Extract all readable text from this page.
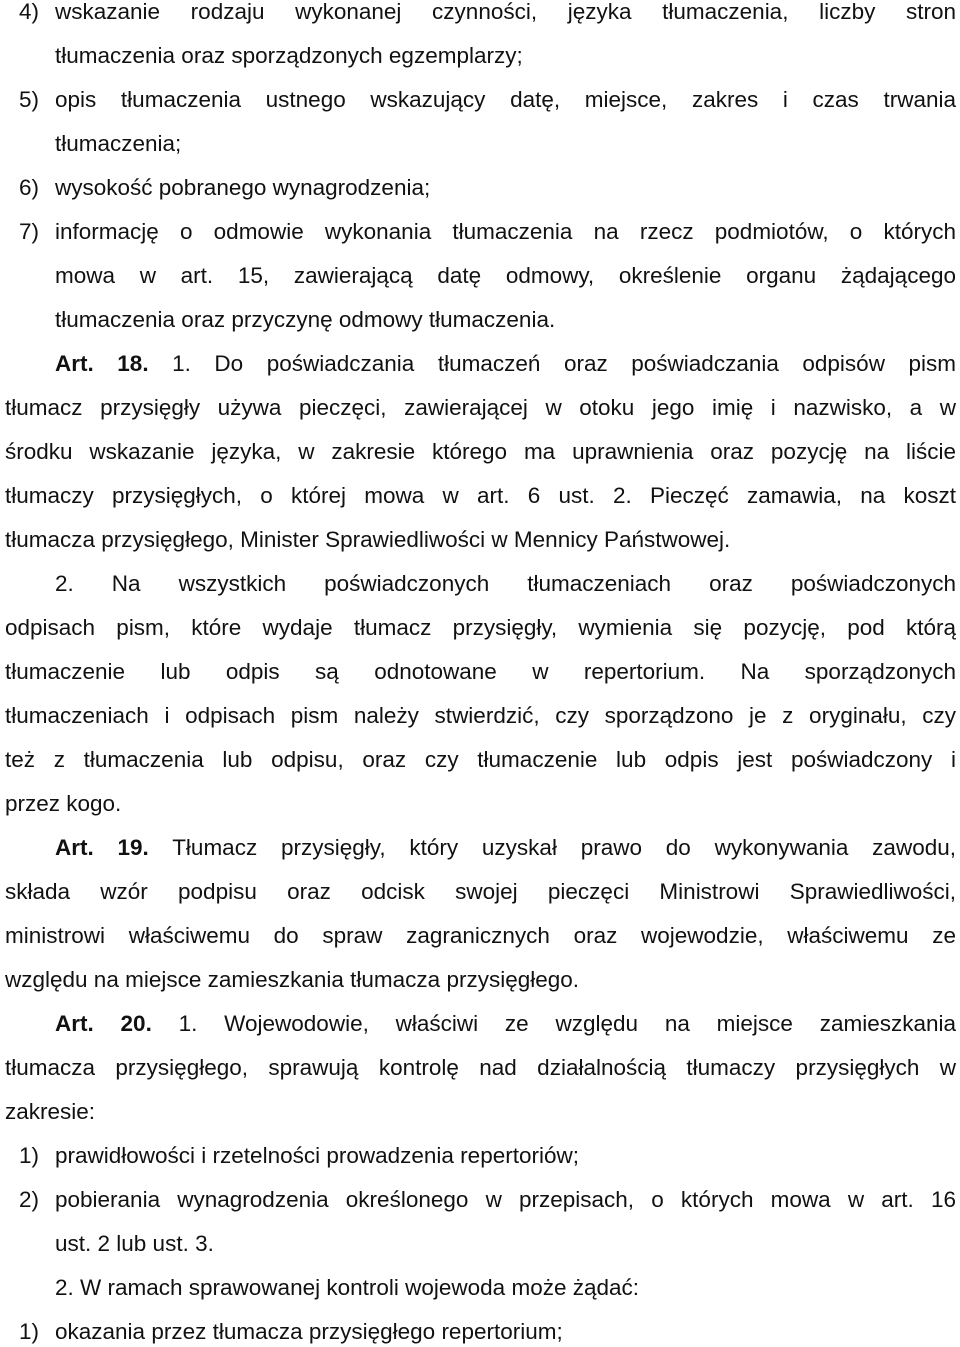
4) wskazanie rodzaju wykonanej czynności, języka tłumaczenia, liczby stron
tłumaczenia oraz sporządzonych egzemplarzy;
5) opis tłumaczenia ustnego wskazujący datę, miejsce, zakres i czas trwania
tłumaczenia;
6) wysokość pobranego wynagrodzenia;
7) informację o odmowie wykonania tłumaczenia na rzecz podmiotów, o których
mowa w art. 15, zawierającą datę odmowy, określenie organu żądającego
tłumaczenia oraz przyczynę odmowy tłumaczenia.
Art. 18. 1. Do poświadczania tłumaczeń oraz poświadczania odpisów pism
tłumacz przysięgły używa pieczęci, zawierającej w otoku jego imię i nazwisko, a w
środku wskazanie języka, w zakresie którego ma uprawnienia oraz pozycję na liście
tłumaczy przysięgłych, o której mowa w art. 6 ust. 2. Pieczęć zamawia, na koszt
tłumacza przysięgłego, Minister Sprawiedliwości w Mennicy Państwowej.
2. Na wszystkich poświadczonych tłumaczeniach oraz poświadczonych
odpisach pism, które wydaje tłumacz przysięgły, wymienia się pozycję, pod którą
tłumaczenie lub odpis są odnotowane w repertorium. Na sporządzonych
tłumaczeniach i odpisach pism należy stwierdzić, czy sporządzono je z oryginału, czy
też z tłumaczenia lub odpisu, oraz czy tłumaczenie lub odpis jest poświadczony i
przez kogo.
Art. 19. Tłumacz przysięgły, który uzyskał prawo do wykonywania zawodu,
składa wzór podpisu oraz odcisk swojej pieczęci Ministrowi Sprawiedliwości,
ministrowi właściwemu do spraw zagranicznych oraz wojewodzie, właściwemu ze
względu na miejsce zamieszkania tłumacza przysięgłego.
Art. 20. 1. Wojewodowie, właściwi ze względu na miejsce zamieszkania
tłumacza przysięgłego, sprawują kontrolę nad działalnością tłumaczy przysięgłych w
zakresie:
1) prawidłowości i rzetelności prowadzenia repertoriów;
2) pobierania wynagrodzenia określonego w przepisach, o których mowa w art. 16
ust. 2 lub ust. 3.
2. W ramach sprawowanej kontroli wojewoda może żądać:
1) okazania przez tłumacza przysięgłego repertorium;
